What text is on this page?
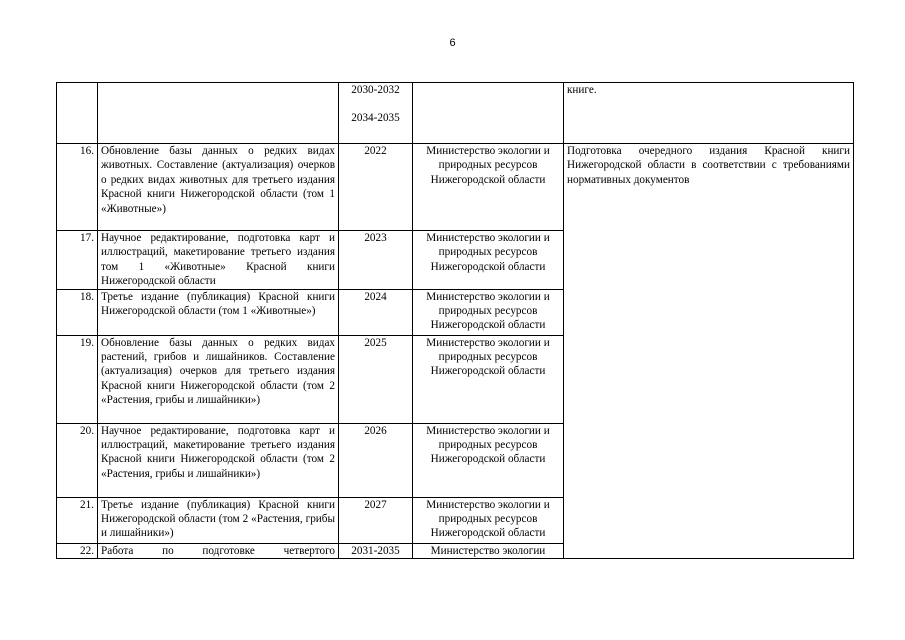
6

		2030-2032
2034-2035		книге.
16.	Обновление базы данных о редких видах животных. Составление (актуализация) очерков о редких видах животных для третьего издания Красной книги Нижегородской области (том 1 «Животные»)	2022	Министерство экологии и природных ресурсов Нижегородской области	Подготовка очередного издания Красной книги Нижегородской области в соответствии с требованиями нормативных документов
17.	Научное редактирование, подготовка карт и иллюстраций, макетирование третьего издания том 1 «Животные» Красной книги Нижегородской области	2023	Министерство экологии и природных ресурсов Нижегородской области	
18.	Третье издание (публикация) Красной книги Нижегородской области (том 1 «Животные»)	2024	Министерство экологии и природных ресурсов Нижегородской области	
19.	Обновление базы данных о редких видах растений, грибов и лишайников. Составление (актуализация) очерков для третьего издания Красной книги Нижегородской области (том 2 «Растения, грибы и лишайники»)	2025	Министерство экологии и природных ресурсов Нижегородской области	
20.	Научное редактирование, подготовка карт и иллюстраций, макетирование третьего издания Красной книги Нижегородской области (том 2 «Растения, грибы и лишайники»)	2026	Министерство экологии и природных ресурсов Нижегородской области	
21.	Третье издание (публикация) Красной книги Нижегородской области (том 2 «Растения, грибы и лишайники»)	2027	Министерство экологии и природных ресурсов Нижегородской области	
22.	Работа по подготовке четвертого	2031-2035	Министерство экологии	
